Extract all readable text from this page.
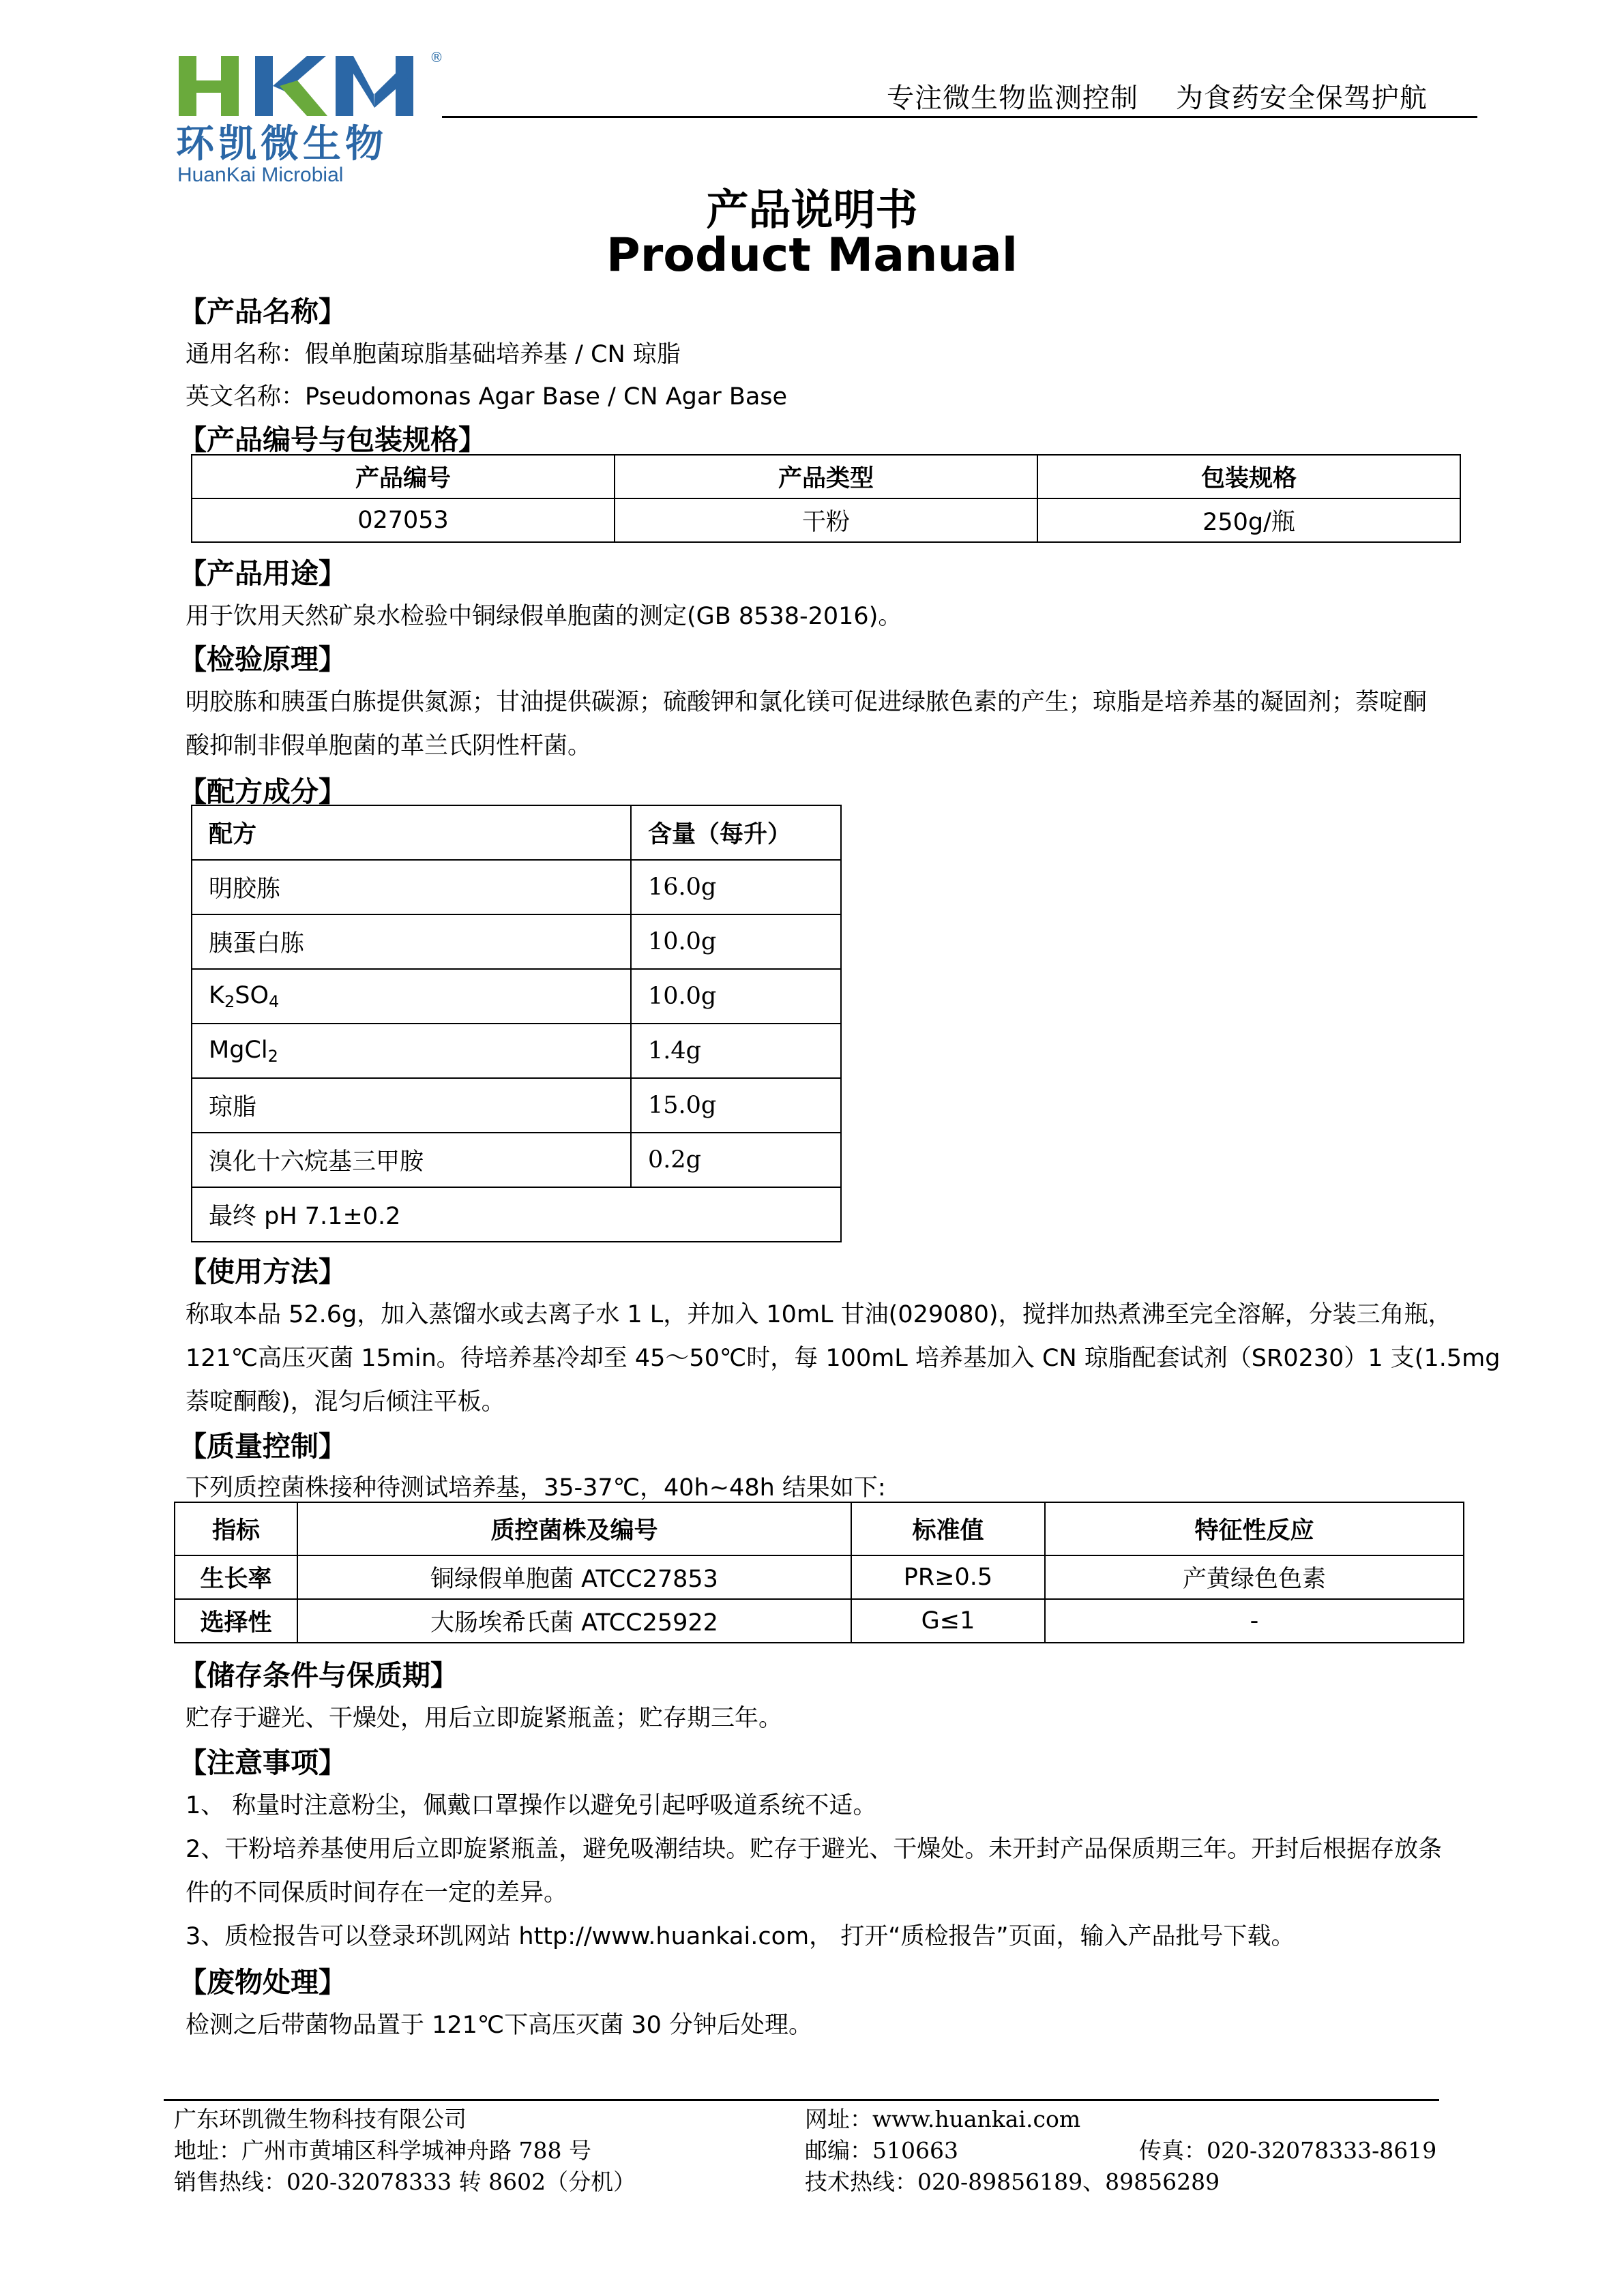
®
环凯微生物
HuanKai Microbial
专注微生物监测控制    为食药安全保驾护航
产品说明书
Product Manual
【产品名称】
通用名称：假单胞菌琼脂基础培养基 / CN 琼脂
英文名称：Pseudomonas Agar Base / CN Agar Base
【产品编号与包装规格】
产品编号	产品类型	包装规格
027053	干粉	250g/瓶
【产品用途】
用于饮用天然矿泉水检验中铜绿假单胞菌的测定(GB 8538-2016)。
【检验原理】
明胶胨和胰蛋白胨提供氮源；甘油提供碳源；硫酸钾和氯化镁可促进绿脓色素的产生；琼脂是培养基的凝固剂；萘啶酮
酸抑制非假单胞菌的革兰氏阴性杆菌。
【配方成分】
配方	含量（每升）
明胶胨	16.0g
胰蛋白胨	10.0g
$K_2SO_4$	10.0g
MgCl$_2$	1.4g
琼脂	15.0g
溴化十六烷基三甲胺	0.2g
最终 pH 7.1±0.2	
【使用方法】
称取本品 52.6g，加入蒸馏水或去离子水 1 L，并加入 10mL 甘油(029080)，搅拌加热煮沸至完全溶解，分装三角瓶，
121℃高压灭菌 15min。待培养基冷却至 45～50℃时，每 100mL 培养基加入 CN 琼脂配套试剂（SR0230）1 支(1.5mg
萘啶酮酸)，混匀后倾注平板。
【质量控制】
下列质控菌株接种待测试培养基，35-37℃，40h~48h 结果如下:
指标	质控菌株及编号	标准值	特征性反应
生长率	铜绿假单胞菌 ATCC27853	PR≥0.5	产黄绿色色素
选择性	大肠埃希氏菌 ATCC25922	G≤1	-
【储存条件与保质期】
贮存于避光、干燥处，用后立即旋紧瓶盖；贮存期三年。
【注意事项】
1、 称量时注意粉尘，佩戴口罩操作以避免引起呼吸道系统不适。
2、干粉培养基使用后立即旋紧瓶盖，避免吸潮结块。贮存于避光、干燥处。未开封产品保质期三年。开封后根据存放条
件的不同保质时间存在一定的差异。
3、质检报告可以登录环凯网站 http://www.huankai.com， 打开“质检报告”页面，输入产品批号下载。
【废物处理】
检测之后带菌物品置于 121℃下高压灭菌 30 分钟后处理。
广东环凯微生物科技有限公司
地址：广州市黄埔区科学城神舟路 788 号
销售热线：020-32078333 转 8602（分机）
网址：www.huankai.com
邮编：510663	传真：020-32078333-8619
技术热线：020-89856189、89856289
